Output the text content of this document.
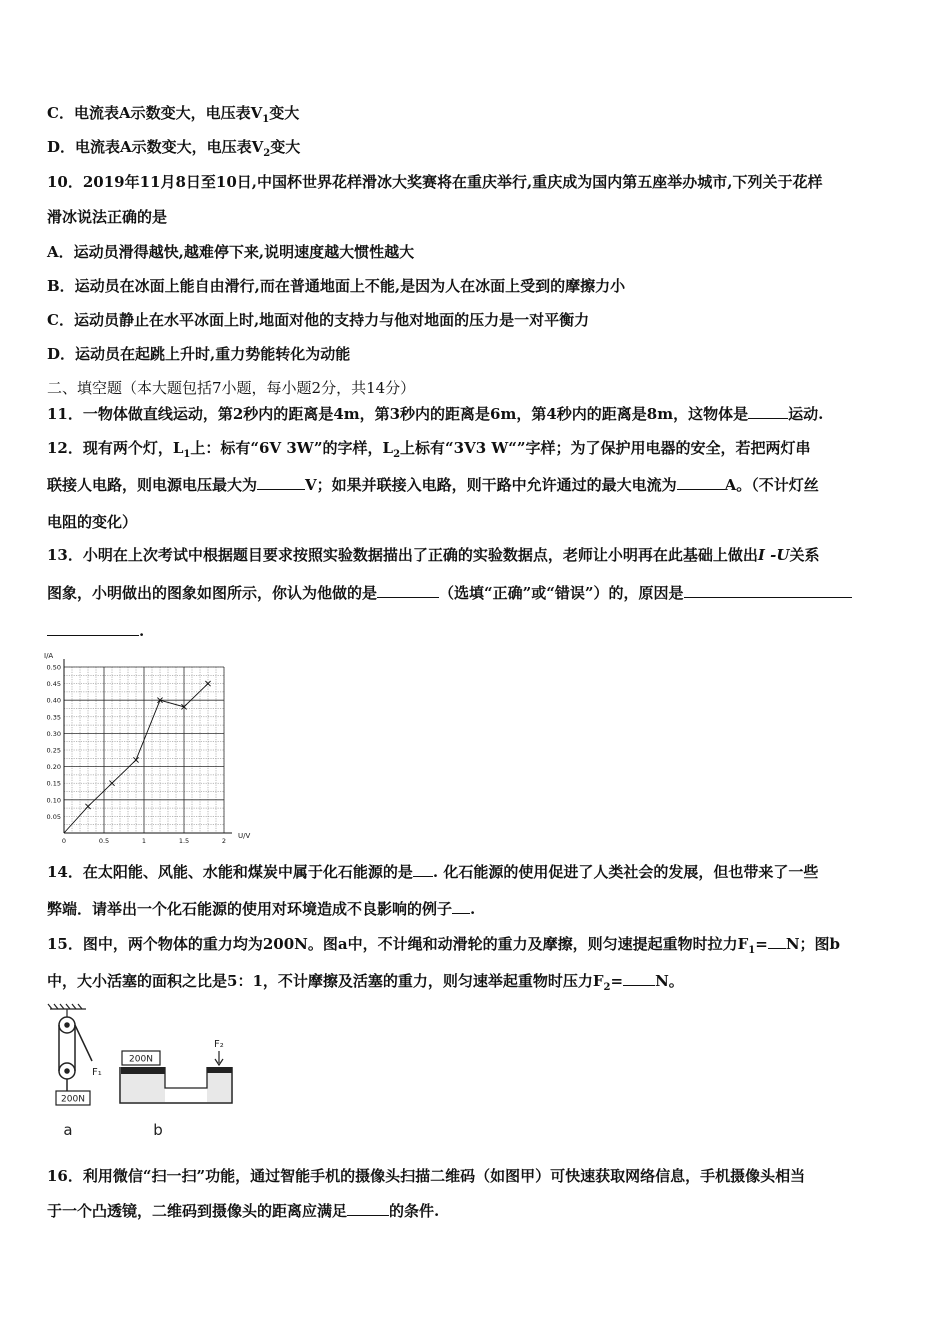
C．电流表A示数变大，电压表$V_1$变大
D．电流表A示数变大，电压表$V_2$变大
10．2019年11月8日至10日,中国杯世界花样滑冰大奖赛将在重庆举行,重庆成为国内第五座举办城市,下列关于花样
滑冰说法正确的是
A．运动员滑得越快,越难停下来,说明速度越大惯性越大
B．运动员在冰面上能自由滑行,而在普通地面上不能,是因为人在冰面上受到的摩擦力小
C．运动员静止在水平冰面上时,地面对他的支持力与他对地面的压力是一对平衡力
D．运动员在起跳上升时,重力势能转化为动能
二、填空题（本大题包括7小题，每小题2分，共14分）
11．一物体做直线运动，第2秒内的距离是4m，第3秒内的距离是6m，第4秒内的距离是8m，这物体是	运动.
12．现有两个灯，$L_1$上：标有“6V 3W”的字样，$L_2$上标有“3V3 W“”字样；为了保护用电器的安全，若把两灯串
联接人电路，则电源电压最大为	V；如果并联接入电路，则干路中允许通过的最大电流为	A。（不计灯丝
电阻的变化）
13．小明在上次考试中根据题目要求按照实验数据描出了正确的实验数据点，老师让小明再在此基础上做出I -U关系
图象，小明做出的图象如图所示，你认为他做的是	（选填“正确”或“错误”）的，原因是
.
I/A
U/V
0.05
0.10
0.15
0.20
0.25
0.30
0.35
0.40
0.45
0.50
0	0.5	1	1.5	2
14．在太阳能、风能、水能和煤炭中属于化石能源的是 . 化石能源的使用促进了人类社会的发展，但也带来了一些
弊端．请举出一个化石能源的使用对环境造成不良影响的例子 .
15．图中，两个物体的重力均为200N。图a中，不计绳和动滑轮的重力及摩擦，则匀速提起重物时拉力$F_1= N$；图b
中，大小活塞的面积之比是5：1，不计摩擦及活塞的重力，则匀速举起重物时压力$F_2= N$。
F₁
200N
a
200N
F₂
b
16．利用微信“扫一扫”功能，通过智能手机的摄像头扫描二维码（如图甲）可快速获取网络信息，手机摄像头相当
于一个凸透镜，二维码到摄像头的距离应满足	的条件.
